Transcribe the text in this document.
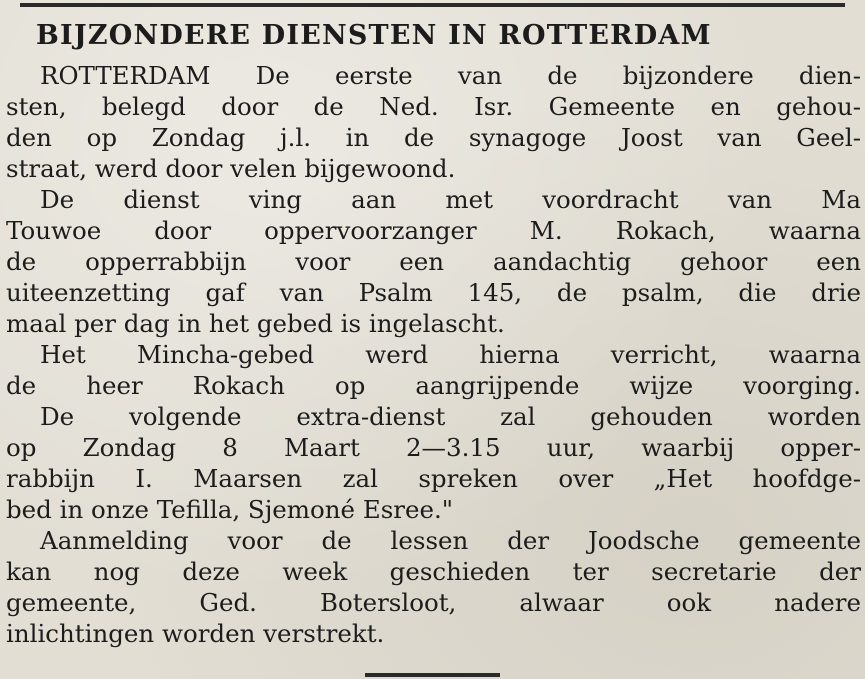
BIJZONDERE DIENSTEN IN ROTTERDAM
ROTTERDAM De eerste van de bijzondere dien-
sten, belegd door de Ned. Isr. Gemeente en gehou-
den op Zondag j.l. in de synagoge Joost van Geel-
straat, werd door velen bijgewoond.
De dienst ving aan met voordracht van Ma
Touwoe door oppervoorzanger M. Rokach, waarna
de opperrabbijn voor een aandachtig gehoor een
uiteenzetting gaf van Psalm 145, de psalm, die drie
maal per dag in het gebed is ingelascht.
Het Mincha-gebed werd hierna verricht, waarna
de heer Rokach op aangrijpende wijze voorging.
De volgende extra-dienst zal gehouden worden
op Zondag 8 Maart 2—3.15 uur, waarbij opper-
rabbijn I. Maarsen zal spreken over „Het hoofdge-
bed in onze Tefilla, Sjemoné Esree."
Aanmelding voor de lessen der Joodsche gemeente
kan nog deze week geschieden ter secretarie der
gemeente, Ged. Botersloot, alwaar ook nadere
inlichtingen worden verstrekt.
